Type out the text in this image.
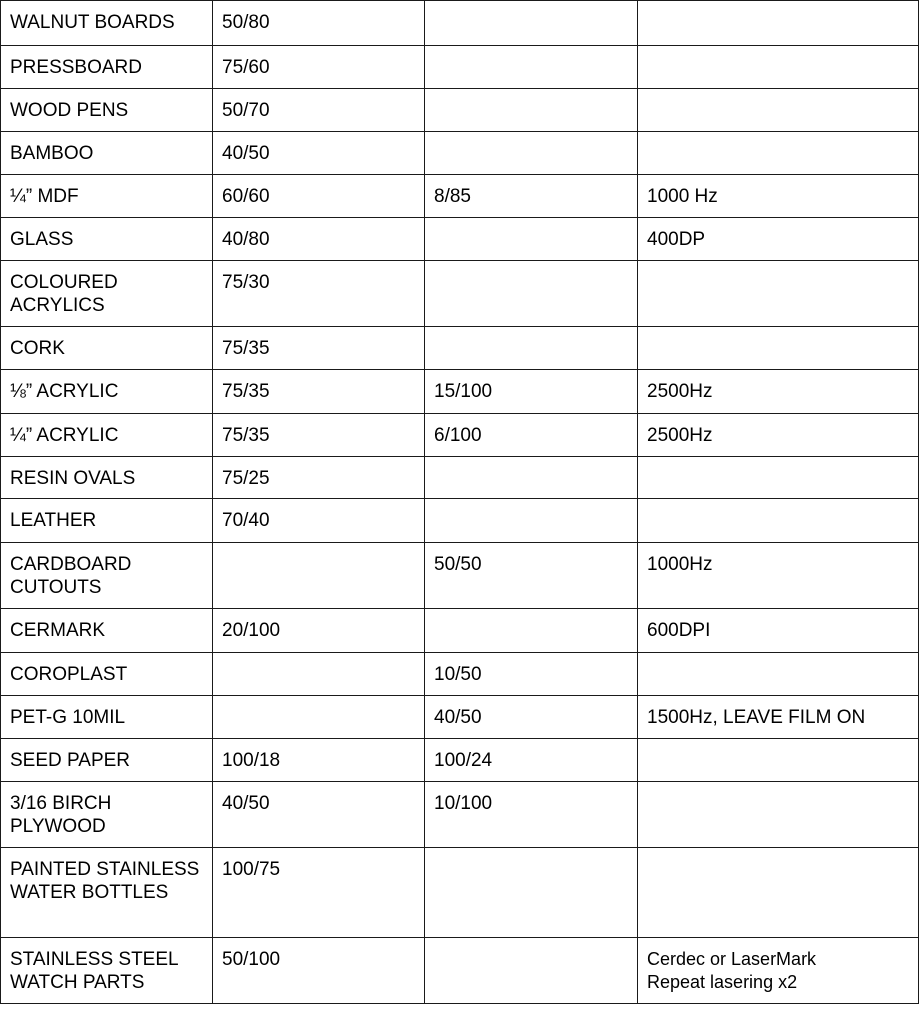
WALNUT BOARDS	50/80		
PRESSBOARD	75/60		
WOOD PENS	50/70		
BAMBOO	40/50		
¼” MDF	60/60	8/85	1000 Hz
GLASS	40/80		400DP
COLOURED ACRYLICS	75/30		
CORK	75/35		
⅛” ACRYLIC	75/35	15/100	2500Hz
¼” ACRYLIC	75/35	6/100	2500Hz
RESIN OVALS	75/25		
LEATHER	70/40		
CARDBOARD CUTOUTS		50/50	1000Hz
CERMARK	20/100		600DPI
COROPLAST		10/50	
PET-G 10MIL		40/50	1500Hz, LEAVE FILM ON
SEED PAPER	100/18	100/24	
3/16 BIRCH PLYWOOD	40/50	10/100	
PAINTED STAINLESS WATER BOTTLES	100/75		
STAINLESS STEEL WATCH PARTS	50/100		Cerdec or LaserMark
Repeat lasering x2
